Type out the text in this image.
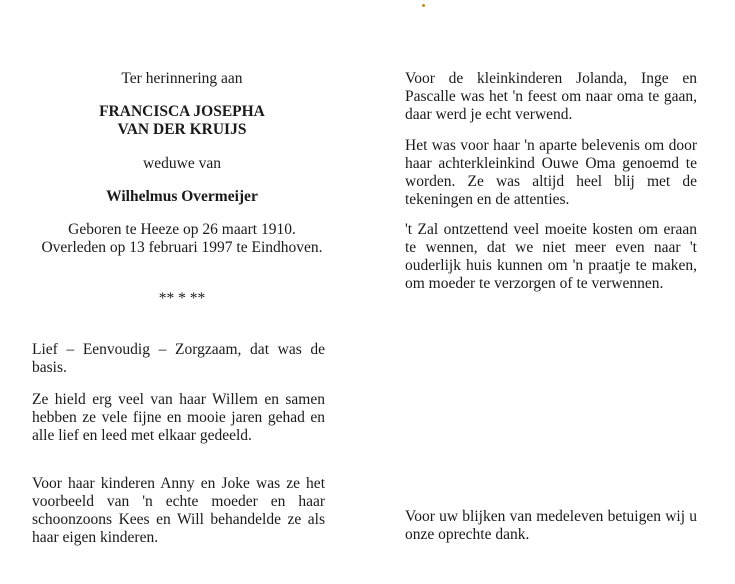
Ter herinnering aan

FRANCISCA JOSEPHA

VAN DER KRUIJS

weduwe van

Wilhelmus Overmeijer

Geboren te Heeze op 26 maart 1910.

Overleden op 13 februari 1997 te Eindhoven.

** * **

Lief – Eenvoudig – Zorgzaam, dat was de basis.

Ze hield erg veel van haar Willem en samen hebben ze vele fijne en mooie jaren gehad en alle lief en leed met elkaar gedeeld.

Voor haar kinderen Anny en Joke was ze het voorbeeld van 'n echte moeder en haar schoonzoons Kees en Will behandelde ze als haar eigen kinderen.

Voor de kleinkinderen Jolanda, Inge en Pascalle was het 'n feest om naar oma te gaan, daar werd je echt verwend.

Het was voor haar 'n aparte belevenis om door haar achterkleinkind Ouwe Oma genoemd te worden. Ze was altijd heel blij met de tekeningen en de attenties.

't Zal ontzettend veel moeite kosten om eraan te wennen, dat we niet meer even naar 't ouderlijk huis kunnen om 'n praatje te maken, om moeder te verzorgen of te verwennen.

Voor uw blijken van medeleven betuigen wij u onze oprechte dank.
